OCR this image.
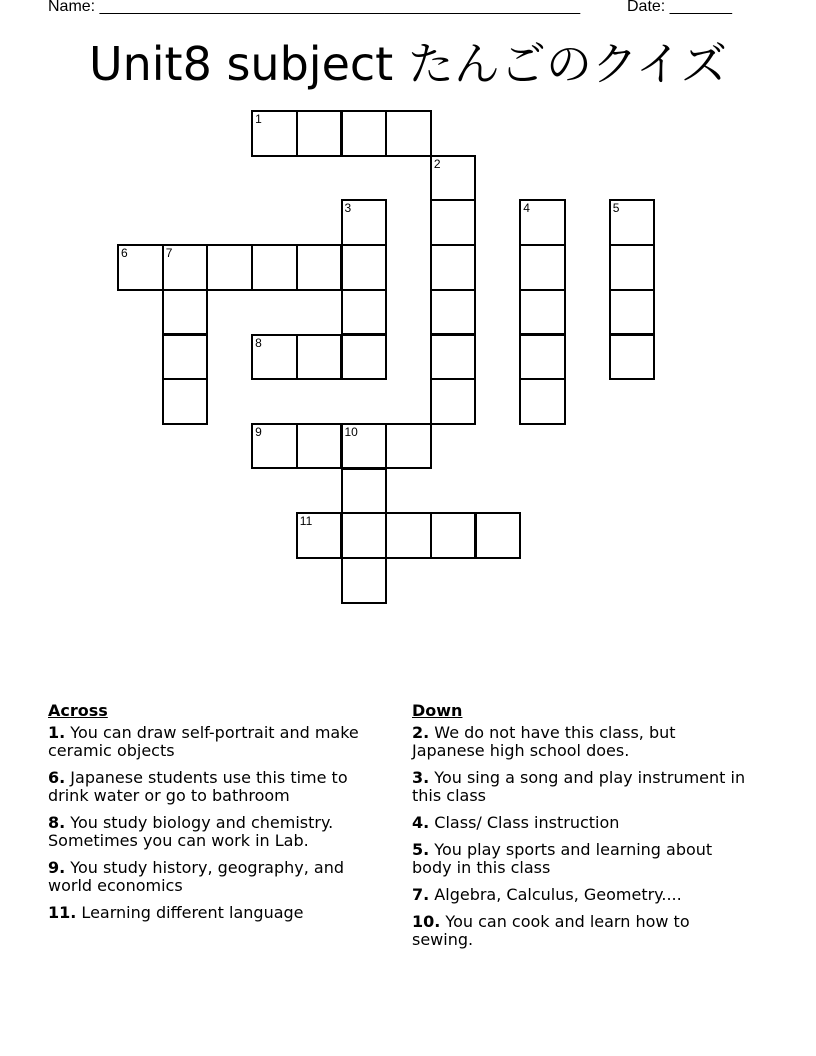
Name: ______________________________________________________	Date: _______
Unit8 subject たんごのクイズ
1
2
3	4	5
6	7
8
9	10
11
Across
1. You can draw self-portrait and make ceramic objects
6. Japanese students use this time to drink water or go to bathroom
8. You study biology and chemistry. Sometimes you can work in Lab.
9. You study history, geography, and world economics
11. Learning different language
Down
2. We do not have this class, but Japanese high school does.
3. You sing a song and play instrument in this class
4. Class/ Class instruction
5. You play sports and learning about body in this class
7. Algebra, Calculus, Geometry....
10. You can cook and learn how to sewing.
